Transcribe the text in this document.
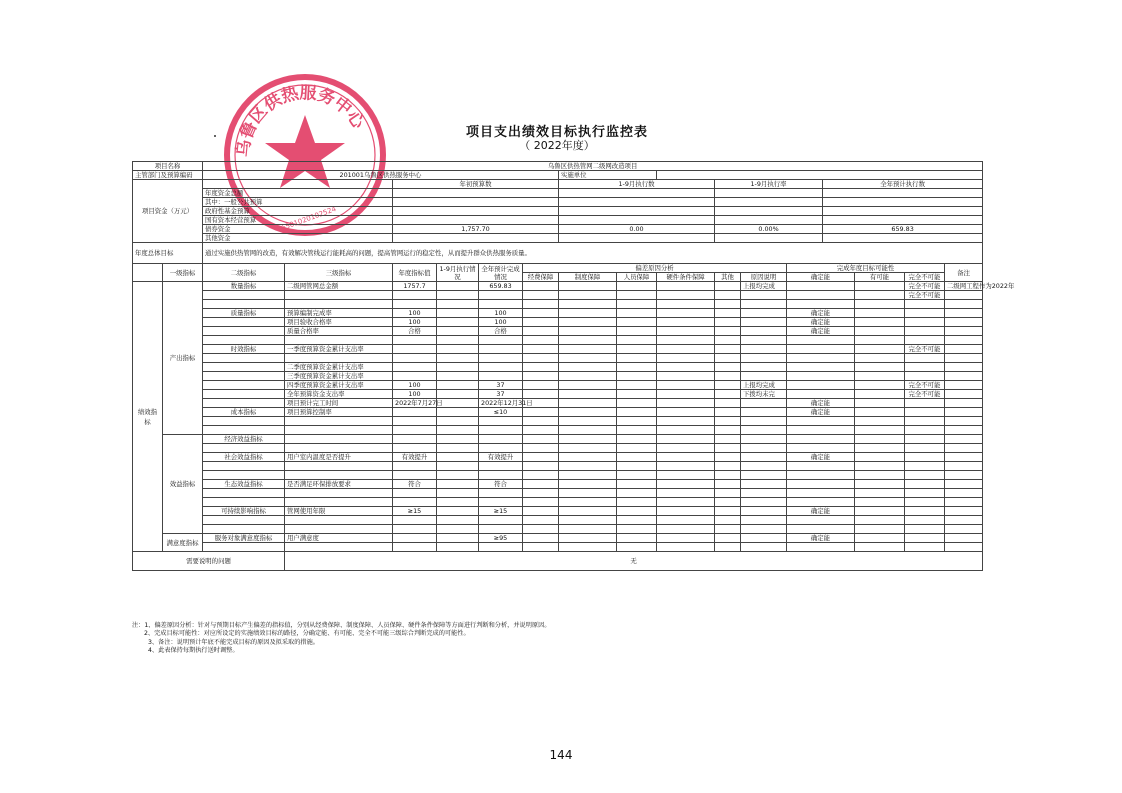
乌鲁区供热服务中心
6501020102524
项目支出绩效目标执行监控表
（ 2022年度）
项目名称		乌鲁区供热管网二级网改造项目															
主管部门及预算编码		201001乌鲁区供热服务中心						实施单位									
项目资金（万元）				年初预算数				1-9月执行数			1-9月执行率			全年预计执行数			
		年度资金总额															
		其中：一般公共预算															
		政府性基金预算															
		国有资本经营预算															
		债券资金		1,757.70				0.00			0.00%			659.83			
		其他资金															
年度总体目标		通过实施供热管网的改造，有效解决管线运行能耗高的问题，提高管网运行的稳定性，从而提升群众供热服务质量。															

	一级指标	二级指标	三级指标	年度指标值	1-9月执行情况	全年预计完成情况	偏差原因分析						完成年度目标可能性				备注
							经费保障	制度保障	人员保障	硬件条件保障	其他	原因说明	确定能		有可能	完全不可能	

绩效指标	产出指标	数量指标	二级网管网总金额	1757.7		659.83						上报均完成				完全不可能	二级网工程作为2022年
																完全不可能	

		质量指标	预算编制完成率	100		100							确定能				
			项目验收合格率	100		100							确定能				
			质量合格率	合格		合格							确定能				

		时效指标	一季度预算资金累计支出率													完全不可能	

			二季度预算资金累计支出率														
			三季度预算资金累计支出率														
			四季度预算资金累计支出率	100		37						上报均完成				完全不可能	
			全年预算资金支出率	100		37						下拨均未完				完全不可能	
			项目预计完工时间	2022年7月27日		2022年12月31日							确定能				
		成本指标	项目预算控制率			≤10							确定能				

	效益指标	经济效益指标															

		社会效益指标	用户室内温度是否提升	有效提升		有效提升							确定能				

		生态效益指标	是否满足环保排放要求	符合		符合											

		可持续影响指标	管网使用年限	≥15		≥15							确定能				

	满意度指标	服务对象满意度指标	用户满意度			≥95							确定能				

需要说明的问题			无														
注：1、偏差原因分析：针对与预期目标产生偏差的指标值，分别从经费保障、制度保障、人员保障、硬件条件保障等方面进行判断和分析，并说明原因。
2、完成目标可能性：对应所设定的实施绩效目标的路径，分确定能、有可能、完全不可能三级综合判断完成的可能性。
3、备注：说明预计年底不能完成目标的原因及拟采取的措施。
4、此表保持每期执行送时调整。
144
